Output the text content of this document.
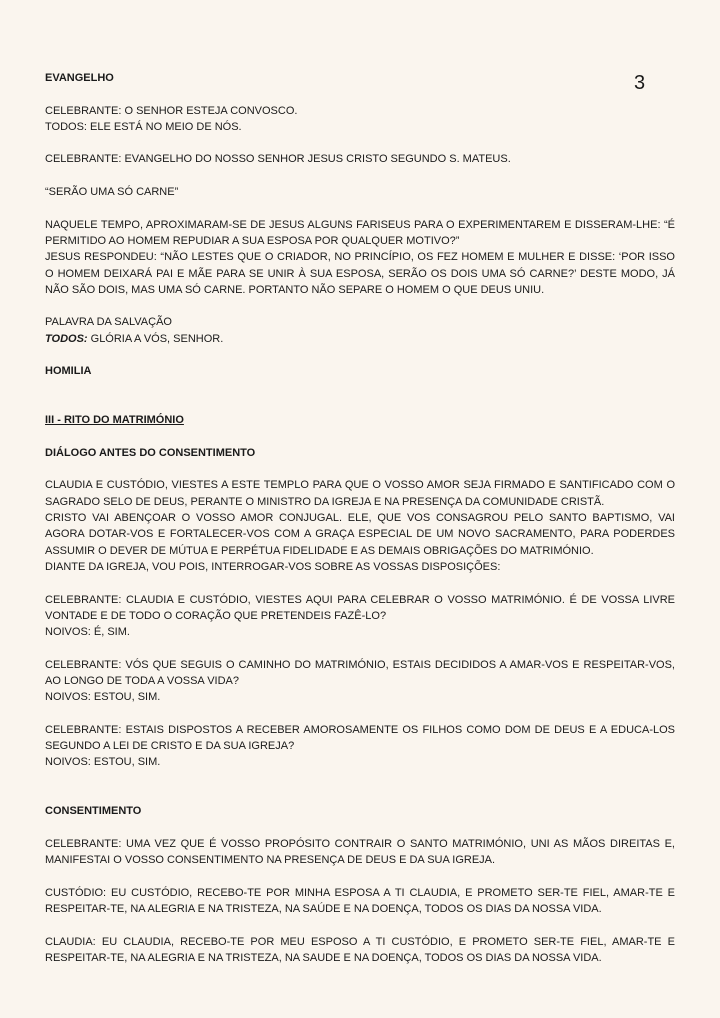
3

EVANGELHO

CELEBRANTE: O SENHOR ESTEJA CONVOSCO.

TODOS: ELE ESTÁ NO MEIO DE NÓS.

CELEBRANTE: EVANGELHO DO NOSSO SENHOR JESUS CRISTO SEGUNDO S. MATEUS.

“SERÃO UMA SÓ CARNE”

NAQUELE TEMPO, APROXIMARAM-SE DE JESUS ALGUNS FARISEUS PARA O EXPERIMENTAREM E DISSERAM-LHE: “É PERMITIDO AO HOMEM REPUDIAR A SUA ESPOSA POR QUALQUER MOTIVO?”

JESUS RESPONDEU: “NÃO LESTES QUE O CRIADOR, NO PRINCÍPIO, OS FEZ HOMEM E MULHER E DISSE: ‘POR ISSO O HOMEM DEIXARÁ PAI E MÃE PARA SE UNIR À SUA ESPOSA, SERÃO OS DOIS UMA SÓ CARNE?’ DESTE MODO, JÁ NÃO SÃO DOIS, MAS UMA SÓ CARNE. PORTANTO NÃO SEPARE O HOMEM O QUE DEUS UNIU.

PALAVRA DA SALVAÇÃO

TODOS: GLÓRIA A VÓS, SENHOR.

HOMILIA

III - RITO DO MATRIMÓNIO

DIÁLOGO ANTES DO CONSENTIMENTO

CLAUDIA E CUSTÓDIO, VIESTES A ESTE TEMPLO PARA QUE O VOSSO AMOR SEJA FIRMADO E SANTIFICADO COM O SAGRADO SELO DE DEUS, PERANTE O MINISTRO DA IGREJA E NA PRESENÇA DA COMUNIDADE CRISTÃ.

CRISTO VAI ABENÇOAR O VOSSO AMOR CONJUGAL. ELE, QUE VOS CONSAGROU PELO SANTO BAPTISMO, VAI AGORA DOTAR-VOS E FORTALECER-VOS COM A GRAÇA ESPECIAL DE UM NOVO SACRAMENTO, PARA PODERDES ASSUMIR O DEVER DE MÚTUA E PERPÉTUA FIDELIDADE E AS DEMAIS OBRIGAÇÕES DO MATRIMÓNIO.

DIANTE DA IGREJA, VOU POIS, INTERROGAR-VOS SOBRE AS VOSSAS DISPOSIÇÕES:

CELEBRANTE: CLAUDIA E CUSTÓDIO, VIESTES AQUI PARA CELEBRAR O VOSSO MATRIMÓNIO. É DE VOSSA LIVRE VONTADE E DE TODO O CORAÇÃO QUE PRETENDEIS FAZÊ-LO?

NOIVOS: É, SIM.

CELEBRANTE: VÓS QUE SEGUIS O CAMINHO DO MATRIMÓNIO, ESTAIS DECIDIDOS A AMAR-VOS E RESPEITAR-VOS, AO LONGO DE TODA A VOSSA VIDA?

NOIVOS: ESTOU, SIM.

CELEBRANTE: ESTAIS DISPOSTOS A RECEBER AMOROSAMENTE OS FILHOS COMO DOM DE DEUS E A EDUCA-LOS SEGUNDO A LEI DE CRISTO E DA SUA IGREJA?

NOIVOS: ESTOU, SIM.

CONSENTIMENTO

CELEBRANTE: UMA VEZ QUE É VOSSO PROPÓSITO CONTRAIR O SANTO MATRIMÓNIO, UNI AS MÃOS DIREITAS E, MANIFESTAI O VOSSO CONSENTIMENTO NA PRESENÇA DE DEUS E DA SUA IGREJA.

CUSTÓDIO: EU CUSTÓDIO, RECEBO-TE POR MINHA ESPOSA A TI CLAUDIA, E PROMETO SER-TE FIEL, AMAR-TE E RESPEITAR-TE, NA ALEGRIA E NA TRISTEZA, NA SAÚDE E NA DOENÇA, TODOS OS DIAS DA NOSSA VIDA.

CLAUDIA: EU CLAUDIA, RECEBO-TE POR MEU ESPOSO A TI CUSTÓDIO, E PROMETO SER-TE FIEL, AMAR-TE E RESPEITAR-TE, NA ALEGRIA E NA TRISTEZA, NA SAUDE E NA DOENÇA, TODOS OS DIAS DA NOSSA VIDA.
